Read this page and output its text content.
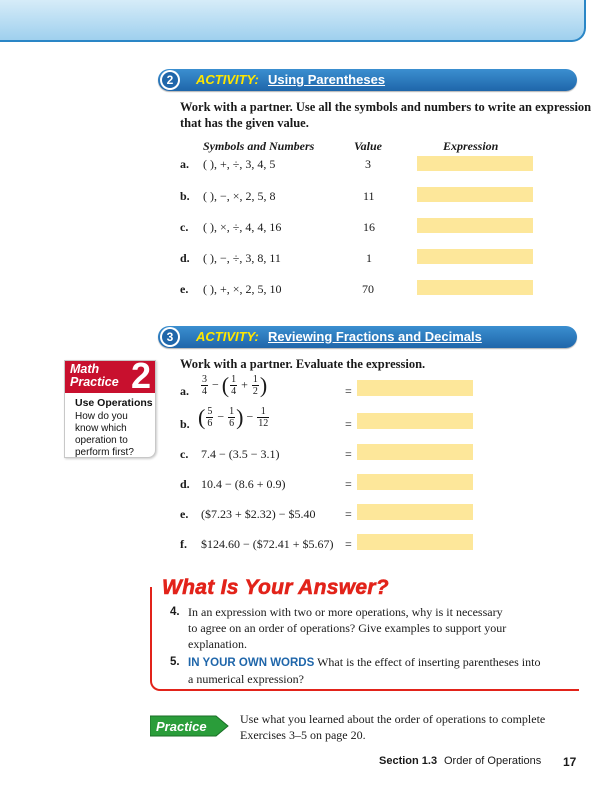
2	ACTIVITY: Using Parentheses
Work with a partner. Use all the symbols and numbers to write an expression
that has the given value.
Symbols and Numbers	Value	Expression
a. ( ), +, ÷, 3, 4, 5	3
b. ( ), −, ×, 2, 5, 8	11
c. ( ), ×, ÷, 4, 4, 16	16
d. ( ), −, ÷, 3, 8, 11	1
e. ( ), +, ×, 2, 5, 10	70
3	ACTIVITY: Reviewing Fractions and Decimals
Work with a partner. Evaluate the expression.
Math
Practice 2
Use Operations
How do you know which operation to perform first?
a. $\frac{3}{4}$ − ( $\frac{1}{4} + \frac{1}{2}$ )	=
b. ( $\frac{5}{6} - \frac{1}{6}$ ) − $\frac{1}{12}$	=
c. 7.4 − (3.5 − 3.1)	=
d. 10.4 − (8.6 + 0.9)	=
e. ($7.23 + $2.32) − $5.40 =
f. $124.60 − ($72.41 + $5.67) =
What Is Your Answer?
4. In an expression with two or more operations, why is it necessary
to agree on an order of operations? Give examples to support your
explanation.
5. IN YOUR OWN WORDS What is the effect of inserting parentheses into
a numerical expression?
Practice	Use what you learned about the order of operations to complete
Exercises 3–5 on page 20.
Section 1.3 Order of Operations 17
